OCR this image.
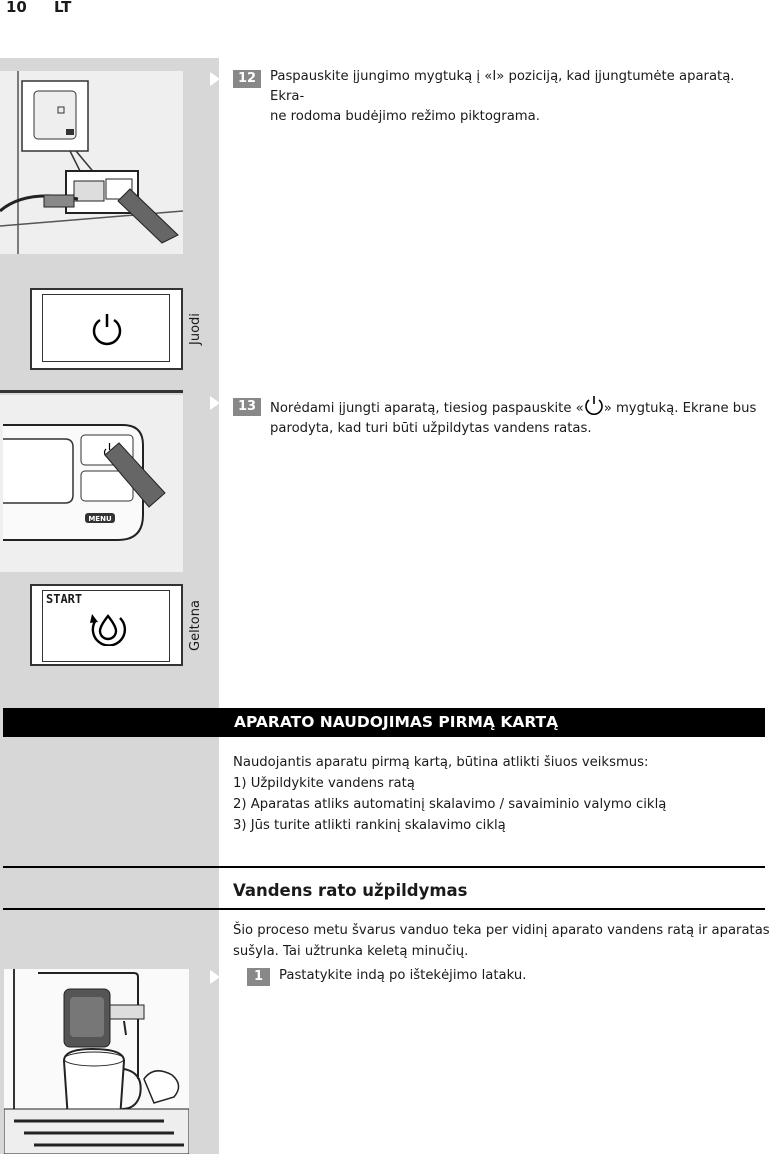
10 LT
Juodi
MENU
START
Geltona
12	Paspauskite įjungimo mygtuką į «I» poziciją, kad įjungtumėte aparatą. Ekra-
ne rodoma budėjimo režimo piktograma.
13	Norėdami įjungti aparatą, tiesiog paspauskite « » mygtuką. Ekrane bus
parodyta, kad turi būti užpildytas vandens ratas.
APARATO NAUDOJIMAS PIRMĄ KARTĄ
Naudojantis aparatu pirmą kartą, būtina atlikti šiuos veiksmus:
1) Užpildykite vandens ratą
2) Aparatas atliks automatinį skalavimo / savaiminio valymo ciklą
3) Jūs turite atlikti rankinį skalavimo ciklą
Vandens rato užpildymas
Šio proceso metu švarus vanduo teka per vidinį aparato vandens ratą ir aparatas
sušyla. Tai užtrunka keletą minučių.
1	Pastatykite indą po ištekėjimo lataku.
